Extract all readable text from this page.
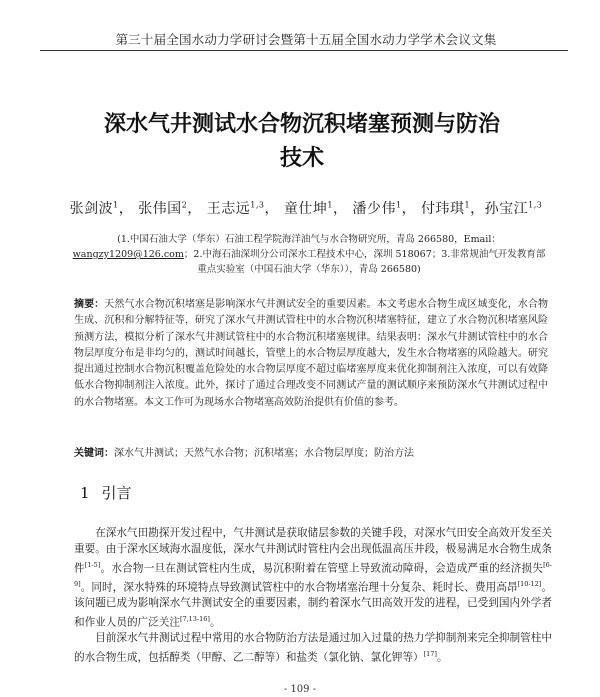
第三十届全国水动力学研讨会暨第十五届全国水动力学学术会议文集
深水气井测试水合物沉积堵塞预测与防治
技术
张剑波$^1$， 张伟国$^2$， 王志远$^{1,3}$， 童仕坤$^1$， 潘少伟$^1$， 付玮琪$^1$，孙宝江$^{1,3}$
(1.中国石油大学（华东）石油工程学院海洋油气与水合物研究所，青岛 266580，Email：wangzy1209@126.com；2.中海石油深圳分公司深水工程技术中心，深圳 518067；3.非常规油气开发教育部重点实验室（中国石油大学（华东）），青岛 266580)
摘要：天然气水合物沉积堵塞是影响深水气井测试安全的重要因素。本文考虑水合物生成区域变化，水合物生成、沉积和分解特征等，研究了深水气井测试管柱中的水合物沉积堵塞特征，建立了水合物沉积堵塞风险预测方法，模拟分析了深水气井测试管柱中的水合物沉积堵塞规律。结果表明：深水气井测试管柱中的水合物层厚度分布是非均匀的，测试时间越长，管壁上的水合物层厚度越大，发生水合物堵塞的风险越大。研究提出通过控制水合物沉积覆盖危险处的水合物层厚度不超过临堵塞厚度来优化抑制剂注入浓度，可以有效降低水合物抑制剂注入浓度。此外，探讨了通过合理改变不同测试产量的测试顺序来预防深水气井测试过程中的水合物堵塞。本文工作可为现场水合物堵塞高效防治提供有价值的参考。
关键词：深水气井测试；天然气水合物；沉积堵塞；水合物层厚度；防治方法
1 引言

在深水气田勘探开发过程中，气井测试是获取储层参数的关键手段，对深水气田安全高效开发至关重要。由于深水区域海水温度低，深水气井测试时管柱内会出现低温高压井段，极易满足水合物生成条件[1-5]。水合物一旦在测试管柱内生成，易沉积附着在管壁上导致流动障碍，会造成严重的经济损失[6-9]。同时，深水特殊的环境特点导致测试管柱中的水合物堵塞治理十分复杂、耗时长、费用高昂[10-12]。该问题已成为影响深水气井测试安全的重要因素，制约着深水气田高效开发的进程，已受到国内外学者和作业人员的广泛关注[7,13-16]。

目前深水气井测试过程中常用的水合物防治方法是通过加入过量的热力学抑制剂来完全抑制管柱中的水合物生成，包括醇类（甲醇、乙二醇等）和盐类（氯化钠、氯化钾等）[17]。

- 109 -
